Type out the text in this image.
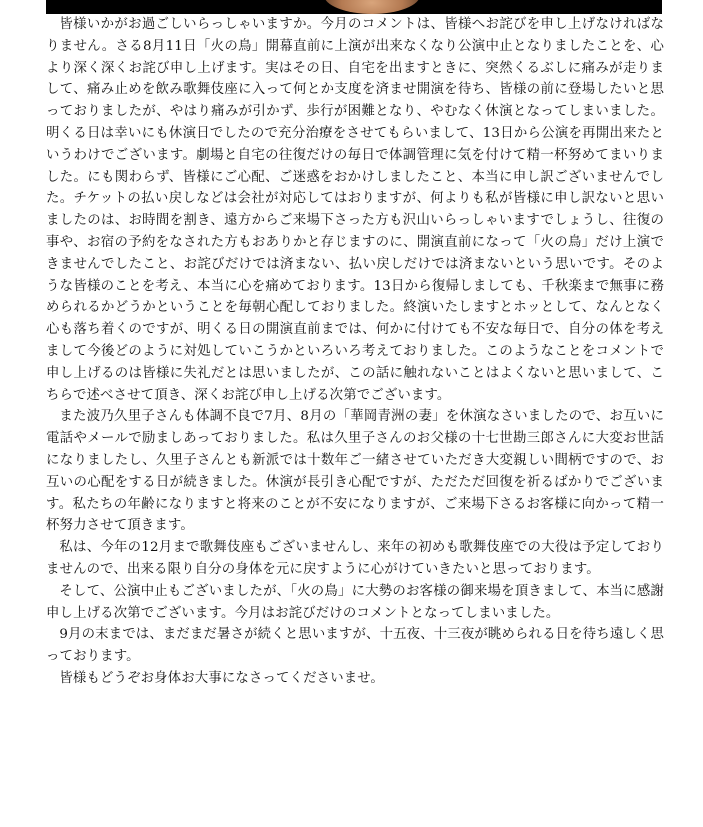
皆様いかがお過ごしいらっしゃいますか。今月のコメントは、皆様へお詫びを申し上げなければなりません。さる8月11日「火の鳥」開幕直前に上演が出来なくなり公演中止となりましたことを、心より深く深くお詫び申し上げます。実はその日、自宅を出ますときに、突然くるぶしに痛みが走りまして、痛み止めを飲み歌舞伎座に入って何とか支度を済ませ開演を待ち、皆様の前に登場したいと思っておりましたが、やはり痛みが引かず、歩行が困難となり、やむなく休演となってしまいました。明くる日は幸いにも休演日でしたので充分治療をさせてもらいまして、13日から公演を再開出来たというわけでございます。劇場と自宅の往復だけの毎日で体調管理に気を付けて精一杯努めてまいりました。にも関わらず、皆様にご心配、ご迷惑をおかけしましたこと、本当に申し訳ございませんでした。チケットの払い戻しなどは会社が対応してはおりますが、何よりも私が皆様に申し訳ないと思いましたのは、お時間を割き、遠方からご来場下さった方も沢山いらっしゃいますでしょうし、往復の事や、お宿の予約をなされた方もおありかと存じますのに、開演直前になって「火の鳥」だけ上演できませんでしたこと、お詫びだけでは済まない、払い戻しだけでは済まないという思いです。そのような皆様のことを考え、本当に心を痛めております。13日から復帰しましても、千秋楽まで無事に務められるかどうかということを毎朝心配しておりました。終演いたしますとホッとして、なんとなく心も落ち着くのですが、明くる日の開演直前までは、何かに付けても不安な毎日で、自分の体を考えまして今後どのように対処していこうかといろいろ考えておりました。このようなことをコメントで申し上げるのは皆様に失礼だとは思いましたが、この話に触れないことはよくないと思いまして、こちらで述べさせて頂き、深くお詫び申し上げる次第でございます。

また波乃久里子さんも体調不良で7月、8月の「華岡青洲の妻」を休演なさいましたので、お互いに電話やメールで励ましあっておりました。私は久里子さんのお父様の十七世勘三郎さんに大変お世話になりましたし、久里子さんとも新派では十数年ご一緒させていただき大変親しい間柄ですので、お互いの心配をする日が続きました。休演が長引き心配ですが、ただただ回復を祈るばかりでございます。私たちの年齢になりますと将来のことが不安になりますが、ご来場下さるお客様に向かって精一杯努力させて頂きます。

私は、今年の12月まで歌舞伎座もございませんし、来年の初めも歌舞伎座での大役は予定しておりませんので、出来る限り自分の身体を元に戻すように心がけていきたいと思っております。

そして、公演中止もございましたが、「火の鳥」に大勢のお客様の御来場を頂きまして、本当に感謝申し上げる次第でございます。今月はお詫びだけのコメントとなってしまいました。

9月の末までは、まだまだ暑さが続くと思いますが、十五夜、十三夜が眺められる日を待ち遠しく思っております。

皆様もどうぞお身体お大事になさってくださいませ。
